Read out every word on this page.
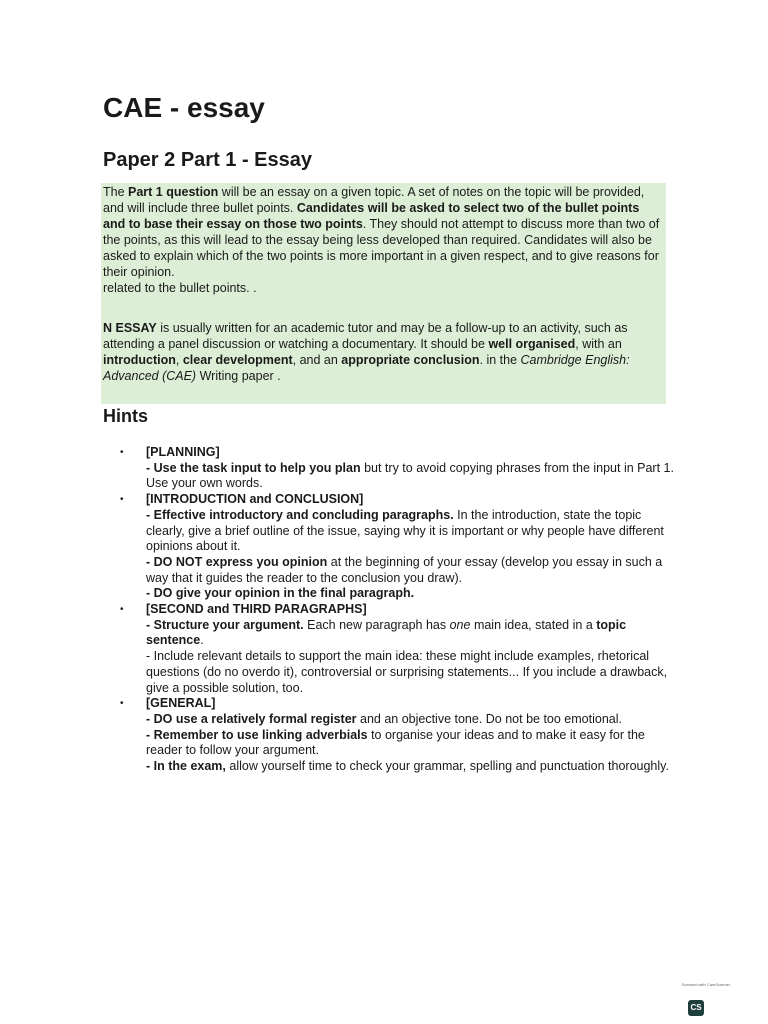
CAE - essay
Paper 2 Part 1 - Essay

The Part 1 question will be an essay on a given topic. A set of notes on the topic will be provided, and will include three bullet points. Candidates will be asked to select two of the bullet points and to base their essay on those two points. They should not attempt to discuss more than two of the points, as this will lead to the essay being less developed than required. Candidates will also be asked to explain which of the two points is more important in a given respect, and to give reasons for their opinion.

related to the bullet points. .

N ESSAY is usually written for an academic tutor and may be a follow-up to an activity, such as attending a panel discussion or watching a documentary. It should be well organised, with an introduction, clear development, and an appropriate conclusion. in the Cambridge English: Advanced (CAE) Writing paper .

Hints
•	[PLANNING]
- Use the task input to help you plan but try to avoid copying phrases from the input in Part 1. Use your own words.
•	[INTRODUCTION and CONCLUSION]
- Effective introductory and concluding paragraphs. In the introduction, state the topic clearly, give a brief outline of the issue, saying why it is important or why people have different opinions about it.
- DO NOT express you opinion at the beginning of your essay (develop you essay in such a way that it guides the reader to the conclusion you draw).
- DO give your opinion in the final paragraph.
•	[SECOND and THIRD PARAGRAPHS]
- Structure your argument. Each new paragraph has one main idea, stated in a topic sentence.
- Include relevant details to support the main idea: these might include examples, rhetorical questions (do no overdo it), controversial or surprising statements... If you include a drawback, give a possible solution, too.
•	[GENERAL]
- DO use a relatively formal register and an objective tone. Do not be too emotional.
- Remember to use linking adverbials to organise your ideas and to make it easy for the reader to follow your argument.
- In the exam, allow yourself time to check your grammar, spelling and punctuation thoroughly.
Scanned with CamScanner
CS
